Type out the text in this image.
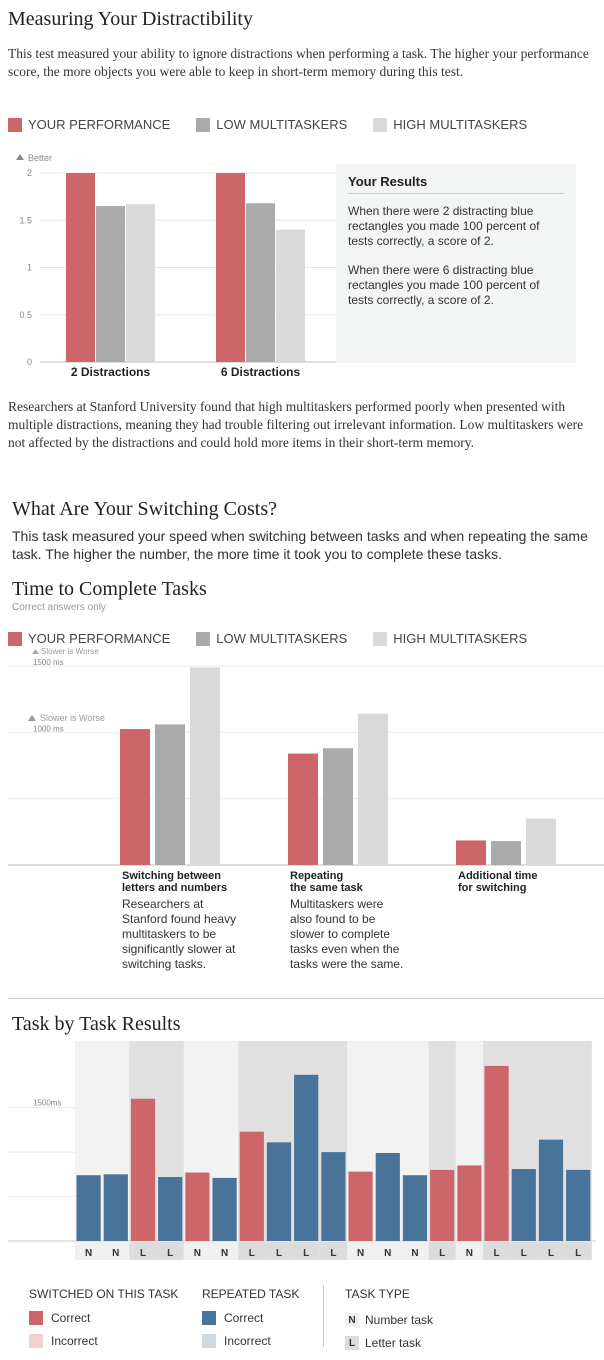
Measuring Your Distractibility

This test measured your ability to ignore distractions when performing a task. The higher your performance score, the more objects you were able to keep in short-term memory during this test.

YOUR PERFORMANCE	LOW MULTITASKERS	HIGH MULTITASKERS
0
0.5
1
1.5
2
2 Distractions	6 Distractions
Better
Your Results

When there were 2 distracting blue rectangles you made 100 percent of tests correctly, a score of 2.

When there were 6 distracting blue rectangles you made 100 percent of tests correctly, a score of 2.

Researchers at Stanford University found that high multitaskers performed poorly when presented with multiple distractions, meaning they had trouble filtering out irrelevant information. Low multitaskers were not affected by the distractions and could hold more items in their short-term memory.

What Are Your Switching Costs?

This task measured your speed when switching between tasks and when repeating the same task. The higher the number, the more time it took you to complete these tasks.

Time to Complete Tasks
Correct answers only
YOUR PERFORMANCE	LOW MULTITASKERS	HIGH MULTITASKERS
1000 ms
1500 ms
Slower is Worse
Slower is Worse
Switching between
letters and numbers
Researchers at Stanford found heavy multitaskers to be significantly slower at switching tasks.
Repeating
the same task
Multitaskers were also found to be slower to complete tasks even when the tasks were the same.
Additional time
for switching
Task by Task Results
1500ms
N N L L N N L L L L N N N L N L L L L
SWITCHED ON THIS TASK
Correct
Incorrect
REPEATED TASK
Correct
Incorrect
TASK TYPE
N Number task
L Letter task
